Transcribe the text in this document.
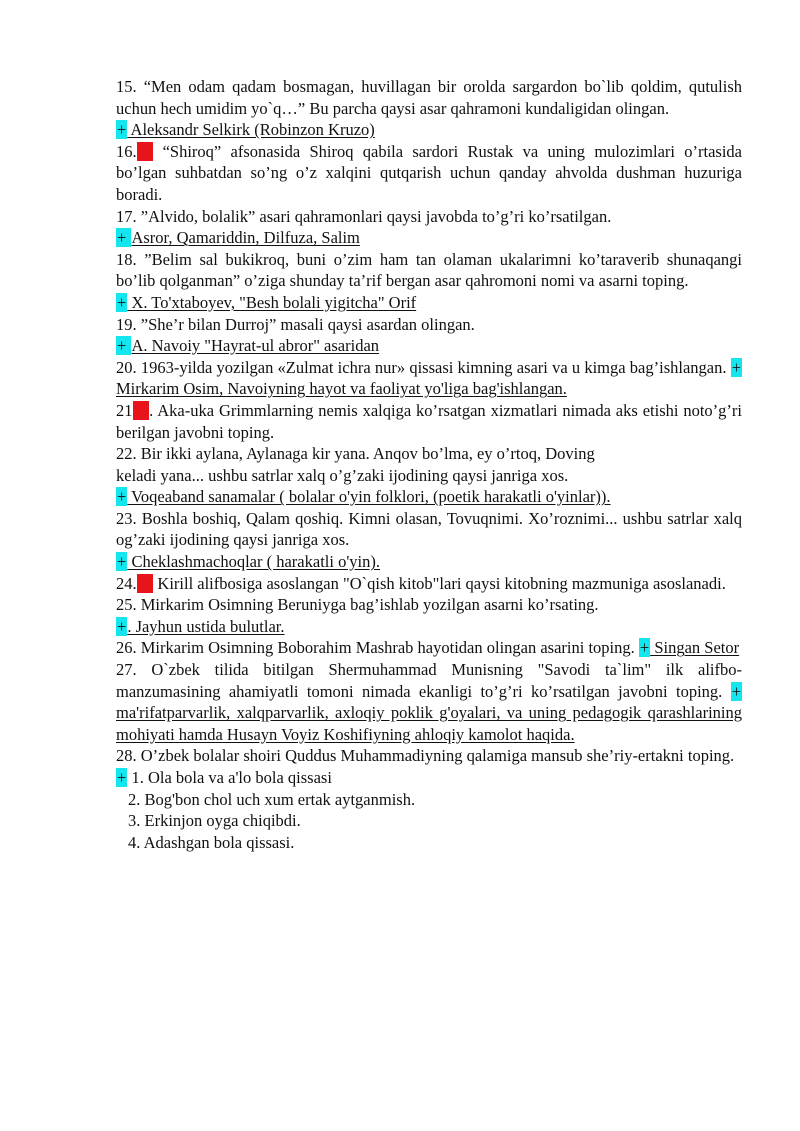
15. “Men odam qadam bosmagan, huvillagan bir orolda sargardon bo`lib qoldim, qutulish uchun hech umidim yo`q…” Bu parcha qaysi asar qahramoni kundaligidan olingan.

+ Aleksandr Selkirk (Robinzon Kruzo)

16.?? “Shiroq” afsonasida Shiroq qabila sardori Rustak va uning mulozimlari o’rtasida bo’lgan suhbatdan so’ng o’z xalqini qutqarish uchun qanday ahvolda dushman huzuriga boradi.

17. ”Alvido, bolalik” asari qahramonlari qaysi javobda to’g’ri ko’rsatilgan.

+ Asror, Qamariddin, Dilfuza, Salim

18. ”Belim sal bukikroq, buni o’zim ham tan olaman ukalarimni ko’taraverib shunaqangi bo’lib qolganman” o’ziga shunday ta’rif bergan asar qahromoni nomi va asarni toping.

+ X. To'xtaboyev, "Besh bolali yigitcha" Orif

19. ”She’r bilan Durroj” masali qaysi asardan olingan.

+ A. Navoiy "Hayrat-ul abror" asaridan

20. 1963-yilda yozilgan «Zulmat ichra nur» qissasi kimning asari va u kimga bag’ishlangan. + Mirkarim Osim, Navoiyning hayot va faoliyat yo'liga bag'ishlangan.

21??. Aka-uka Grimmlarning nemis xalqiga ko’rsatgan xizmatlari nimada aks etishi noto’g’ri berilgan javobni toping.

22. Bir ikki aylana, Aylanaga kir yana. Anqov bo’lma, ey o’rtoq, Doving

keladi yana... ushbu satrlar xalq o’g’zaki ijodining qaysi janriga xos.

+ Voqeaband sanamalar ( bolalar o'yin folklori, (poetik harakatli o'yinlar)).

23. Boshla boshiq, Qalam qoshiq. Kimni olasan, Tovuqnimi. Xo’roznimi... ushbu satrlar xalq og’zaki ijodining qaysi janriga xos.

+ Cheklashmachoqlar ( harakatli o'yin).

24.?? Kirill alifbosiga asoslangan "O`qish kitob"lari qaysi kitobning mazmuniga asoslanadi.

25. Mirkarim Osimning Beruniyga bag’ishlab yozilgan asarni ko’rsating.

+. Jayhun ustida bulutlar.

26. Mirkarim Osimning Boborahim Mashrab hayotidan olingan asarini toping. + Singan Setor

27. O`zbek tilida bitilgan Shermuhammad Munisning "Savodi ta`lim" ilk alifbo-manzumasining ahamiyatli tomoni nimada ekanligi to’g’ri ko’rsatilgan javobni toping. + ma'rifatparvarlik, xalqparvarlik, axloqiy poklik g'oyalari, va uning pedagogik qarashlarining mohiyati hamda Husayn Voyiz Koshifiyning ahloqiy kamolot haqida.

28. O’zbek bolalar shoiri Quddus Muhammadiyning qalamiga mansub she’riy-ertakni toping.

+ 1. Ola bola va a'lo bola qissasi

2. Bog'bon chol uch xum ertak aytganmish.

3. Erkinjon oyga chiqibdi.

4. Adashgan bola qissasi.
